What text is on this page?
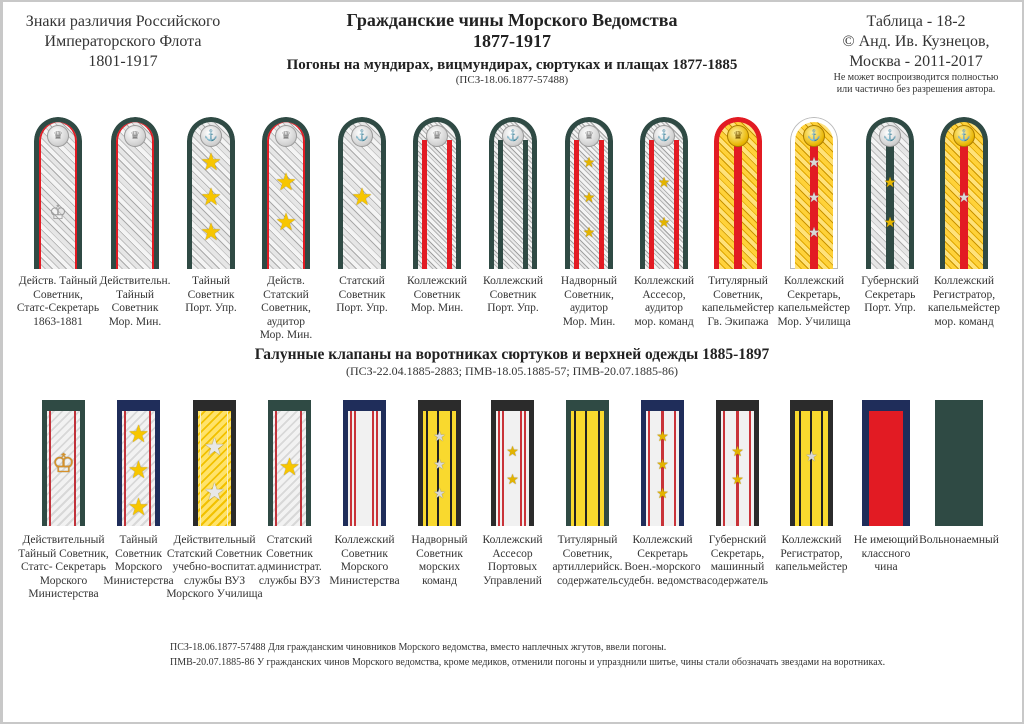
Знаки различия Российского
Императорского Флота
1801-1917
Гражданские чины Морского Ведомства
1877-1917
Погоны на мундирах, вицмундирах, сюртуках и плащах 1877-1885
(ПСЗ-18.06.1877-57488)
Таблица - 18-2
© Анд. Ив. Кузнецов,
Москва - 2011-2017
Не может воспроизводится полностью
или частично без разрешения автора.
♛
♔
Действ. Тайный
Советник,
Статс-Секретарь
1863-1881
♛
Действительн.
Тайный
Советник
Мор. Мин.
⚓
★
★
★
Тайный
Советник
Порт. Упр.
♛
★
★
Действ. Статский
Советник,
аудитор
Мор. Мин.
⚓
★
Статский
Советник
Порт. Упр.
♛
Коллежский
Советник
Мор. Мин.
⚓
Коллежский
Советник
Порт. Упр.
♛
★
★
★
Надворный
Советник,
аудитор
Мор. Мин.
⚓
★
★
Коллежский
Ассесор,
аудитор
мор. команд
♛
Титулярный
Советник,
капельмейстер
Гв. Экипажа
⚓
★
★
★
Коллежский
Секретарь,
капельмейстер
Мор. Училища
⚓
★
★
Губернский
Секретарь
Порт. Упр.
⚓
★
Коллежский
Регистратор,
капельмейстер
мор. команд
Галунные клапаны на воротниках сюртуков и верхней одежды 1885-1897
(ПСЗ-22.04.1885-2883; ПМВ-18.05.1885-57; ПМВ-20.07.1885-86)
♔
Действительный
Тайный Советник,
Статс- Секретарь
Морского
Министерства
★
★
★
Тайный
Советник
Морского
Министерства
★
★
Действительный
Статский Советник
учебно-воспитат.
службы ВУЗ
Морского Училища
★
Статский
Советник
администрат.
службы ВУЗ
Коллежский
Советник
Морского
Министерства
★
★
★
Надворный
Советник
морских
команд
★
★
Коллежский
Ассесор
Портовых
Управлений
Титулярный
Советник,
артиллерийск.
содержатель
★
★
★
Коллежский
Секретарь
Воен.-морского
судебн. ведомства
★
★
Губернский
Секретарь,
машинный
содержатель
★
Коллежский
Регистратор,
капельмейстер
Не имеющий
классного
чина
Вольнонаемный
ПСЗ-18.06.1877-57488 Для гражданским чиновников Морского ведомства, вместо наплечных жгутов, ввели погоны.
ПМВ-20.07.1885-86 У гражданских чинов Морского ведомства, кроме медиков, отменили погоны и упразднили шитье, чины стали обозначать звездами на воротниках.
